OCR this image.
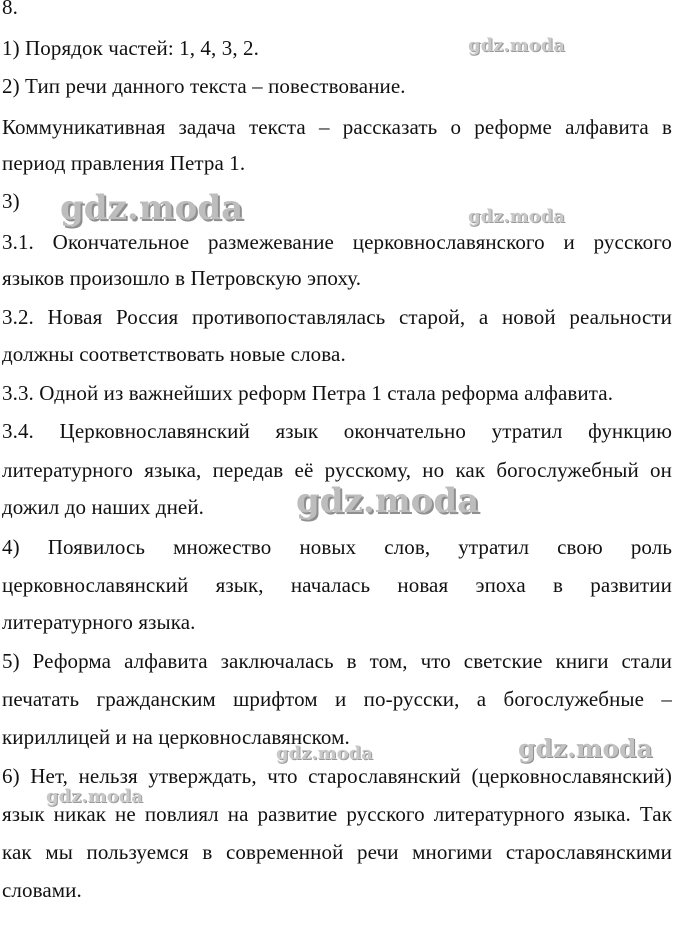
8.
1) Порядок частей: 1, 4, 3, 2.
2) Тип речи данного текста – повествование.
Коммуникативная задача текста – рассказать о реформе алфавита в
период правления Петра 1.
3)
3.1. Окончательное размежевание церковнославянского и русского
языков произошло в Петровскую эпоху.
3.2. Новая Россия противопоставлялась старой, а новой реальности
должны соответствовать новые слова.
3.3. Одной из важнейших реформ Петра 1 стала реформа алфавита.
3.4. Церковнославянский язык окончательно утратил функцию
литературного языка, передав её русскому, но как богослужебный он
дожил до наших дней.
4) Появилось множество новых слов, утратил свою роль
церковнославянский язык, началась новая эпоха в развитии
литературного языка.
5) Реформа алфавита заключалась в том, что светские книги стали
печатать гражданским шрифтом и по-русски, а богослужебные –
кириллицей и на церковнославянском.
6) Нет, нельзя утверждать, что старославянский (церковнославянский)
язык никак не повлиял на развитие русского литературного языка. Так
как мы пользуемся в современной речи многими старославянскими
словами.
gdz.moda
gdz.moda	gdz.moda
gdz.moda
gdz.moda	gdz.moda
gdz.moda
